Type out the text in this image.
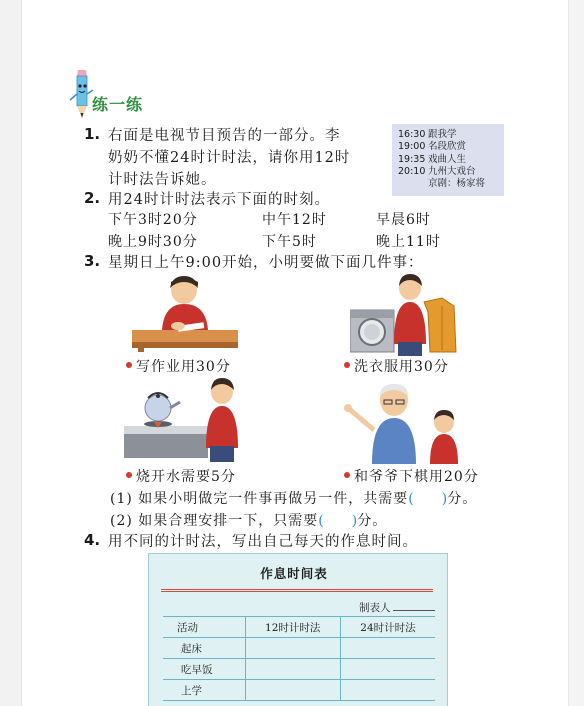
练一练
1. 右面是电视节目预告的一部分。李
奶奶不懂24时计时法，请你用12时
计时法告诉她。
16:30 跟我学
19:00 名段欣赏
19:35 戏曲人生
20:10 九州大戏台
京剧：杨家将
2. 用24时计时法表示下面的时刻。
下午3时20分	中午12时	早晨6时
晚上9时30分	下午5时	晚上11时
3. 星期日上午9:00开始，小明要做下面几件事：
写作业用30分	洗衣服用30分
烧开水需要5分	和爷爷下棋用20分
(1) 如果小明做完一件事再做另一件，共需要(　　)分。
(2) 如果合理安排一下，只需要(　　)分。
4. 用不同的计时法，写出自己每天的作息时间。
作息时间表
制表人
活动	12时计时法	24时计时法
起床		
吃早饭		
上学		
